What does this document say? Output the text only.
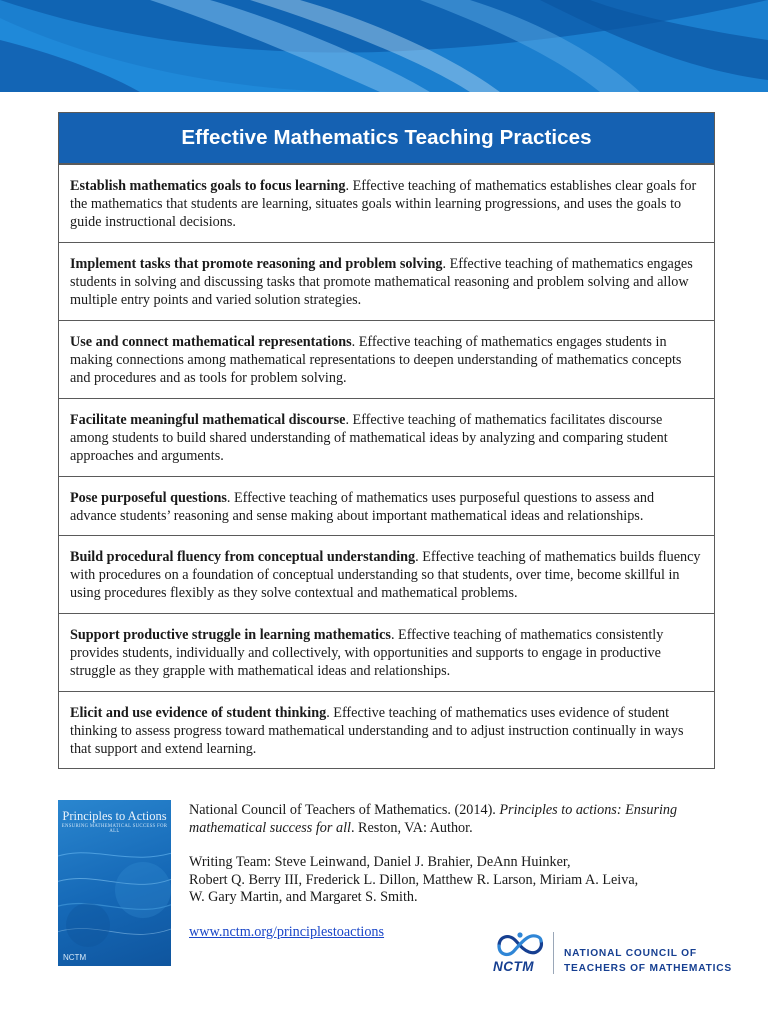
Effective Mathematics Teaching Practices
Establish mathematics goals to focus learning. Effective teaching of mathematics establishes clear goals for the mathematics that students are learning, situates goals within learning progressions, and uses the goals to guide instructional decisions.
Implement tasks that promote reasoning and problem solving. Effective teaching of mathematics engages students in solving and discussing tasks that promote mathematical reasoning and problem solving and allow multiple entry points and varied solution strategies.
Use and connect mathematical representations. Effective teaching of mathematics engages students in making connections among mathematical representations to deepen understanding of mathematics concepts and procedures and as tools for problem solving.
Facilitate meaningful mathematical discourse. Effective teaching of mathematics facilitates discourse among students to build shared understanding of mathematical ideas by analyzing and comparing student approaches and arguments.
Pose purposeful questions. Effective teaching of mathematics uses purposeful questions to assess and advance students’ reasoning and sense making about important mathematical ideas and relationships.
Build procedural fluency from conceptual understanding. Effective teaching of mathematics builds fluency with procedures on a foundation of conceptual understanding so that students, over time, become skillful in using procedures flexibly as they solve contextual and mathematical problems.
Support productive struggle in learning mathematics. Effective teaching of mathematics consistently provides students, individually and collectively, with opportunities and supports to engage in productive struggle as they grapple with mathematical ideas and relationships.
Elicit and use evidence of student thinking. Effective teaching of mathematics uses evidence of student thinking to assess progress toward mathematical understanding and to adjust instruction continually in ways that support and extend learning.
Principles to Actions
ENSURING MATHEMATICAL SUCCESS FOR ALL
NCTM

National Council of Teachers of Mathematics. (2014). Principles to actions: Ensuring mathematical success for all. Reston, VA: Author.

Writing Team: Steve Leinwand, Daniel J. Brahier, DeAnn Huinker,
Robert Q. Berry III, Frederick L. Dillon, Matthew R. Larson, Miriam A. Leiva,
W. Gary Martin, and Margaret S. Smith.

www.nctm.org/principlestoactions

NCTM
NATIONAL COUNCIL OF
TEACHERS OF MATHEMATICS
